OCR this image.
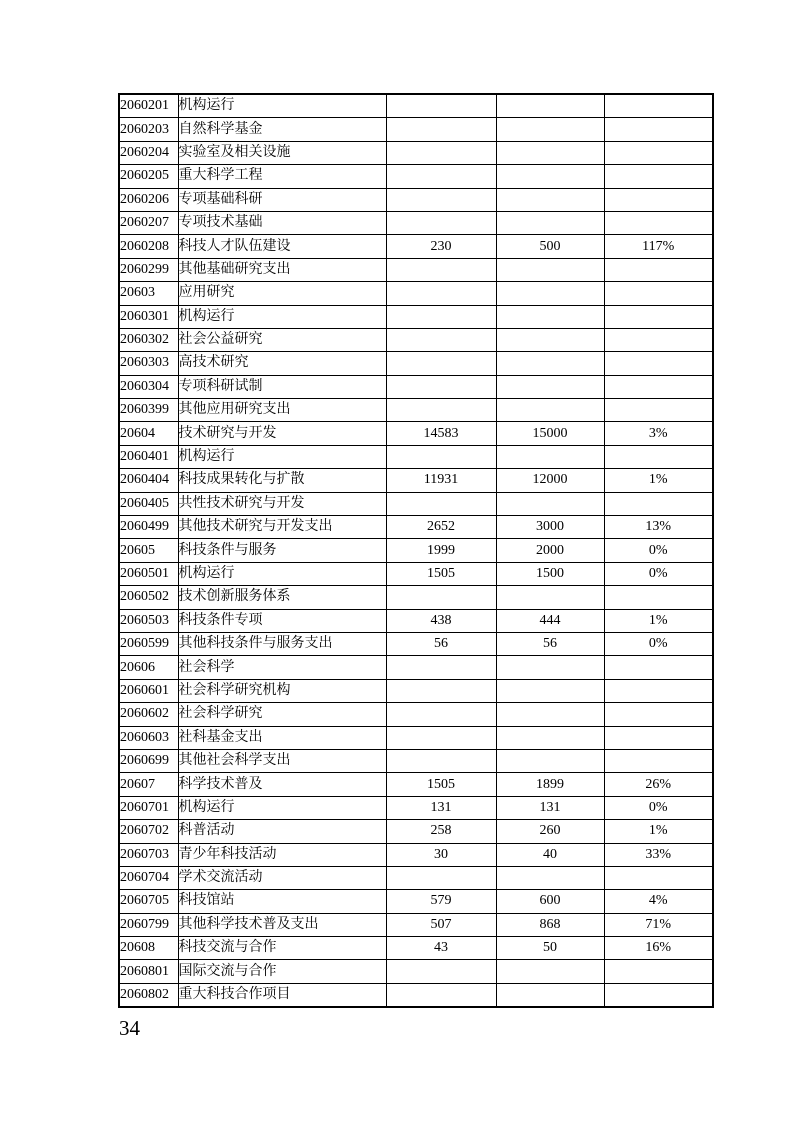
2060201	机构运行			
2060203	自然科学基金			
2060204	实验室及相关设施			
2060205	重大科学工程			
2060206	专项基础科研			
2060207	专项技术基础			
2060208	科技人才队伍建设	230	500	117%
2060299	其他基础研究支出			
20603	应用研究			
2060301	机构运行			
2060302	社会公益研究			
2060303	高技术研究			
2060304	专项科研试制			
2060399	其他应用研究支出			
20604	技术研究与开发	14583	15000	3%
2060401	机构运行			
2060404	科技成果转化与扩散	11931	12000	1%
2060405	共性技术研究与开发			
2060499	其他技术研究与开发支出	2652	3000	13%
20605	科技条件与服务	1999	2000	0%
2060501	机构运行	1505	1500	0%
2060502	技术创新服务体系			
2060503	科技条件专项	438	444	1%
2060599	其他科技条件与服务支出	56	56	0%
20606	社会科学			
2060601	社会科学研究机构			
2060602	社会科学研究			
2060603	社科基金支出			
2060699	其他社会科学支出			
20607	科学技术普及	1505	1899	26%
2060701	机构运行	131	131	0%
2060702	科普活动	258	260	1%
2060703	青少年科技活动	30	40	33%
2060704	学术交流活动			
2060705	科技馆站	579	600	4%
2060799	其他科学技术普及支出	507	868	71%
20608	科技交流与合作	43	50	16%
2060801	国际交流与合作			
2060802	重大科技合作项目			
34
